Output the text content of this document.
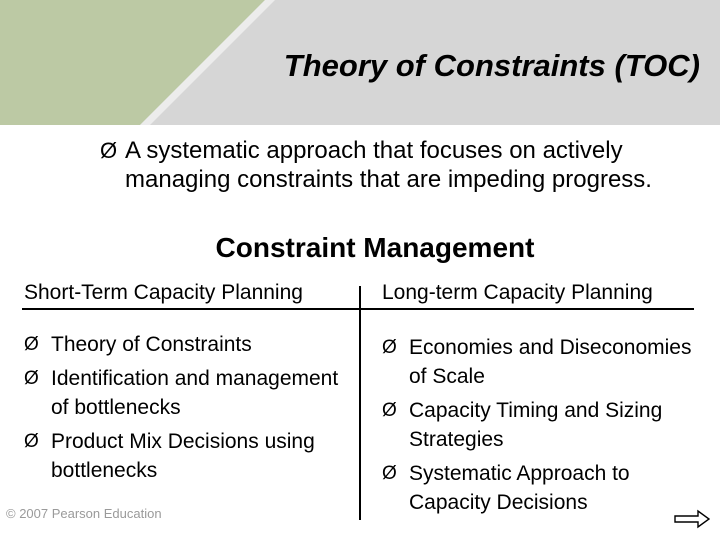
Theory of Constraints (TOC)
Ø A systematic approach that focuses on actively managing constraints that are impeding progress.
Constraint Management
Short-Term Capacity Planning	Long-term Capacity Planning
Ø Theory of Constraints
Ø Identification and management of bottlenecks
Ø Product Mix Decisions using bottlenecks
Ø Economies and Diseconomies of Scale
Ø Capacity Timing and Sizing Strategies
Ø Systematic Approach to Capacity Decisions
© 2007 Pearson Education
